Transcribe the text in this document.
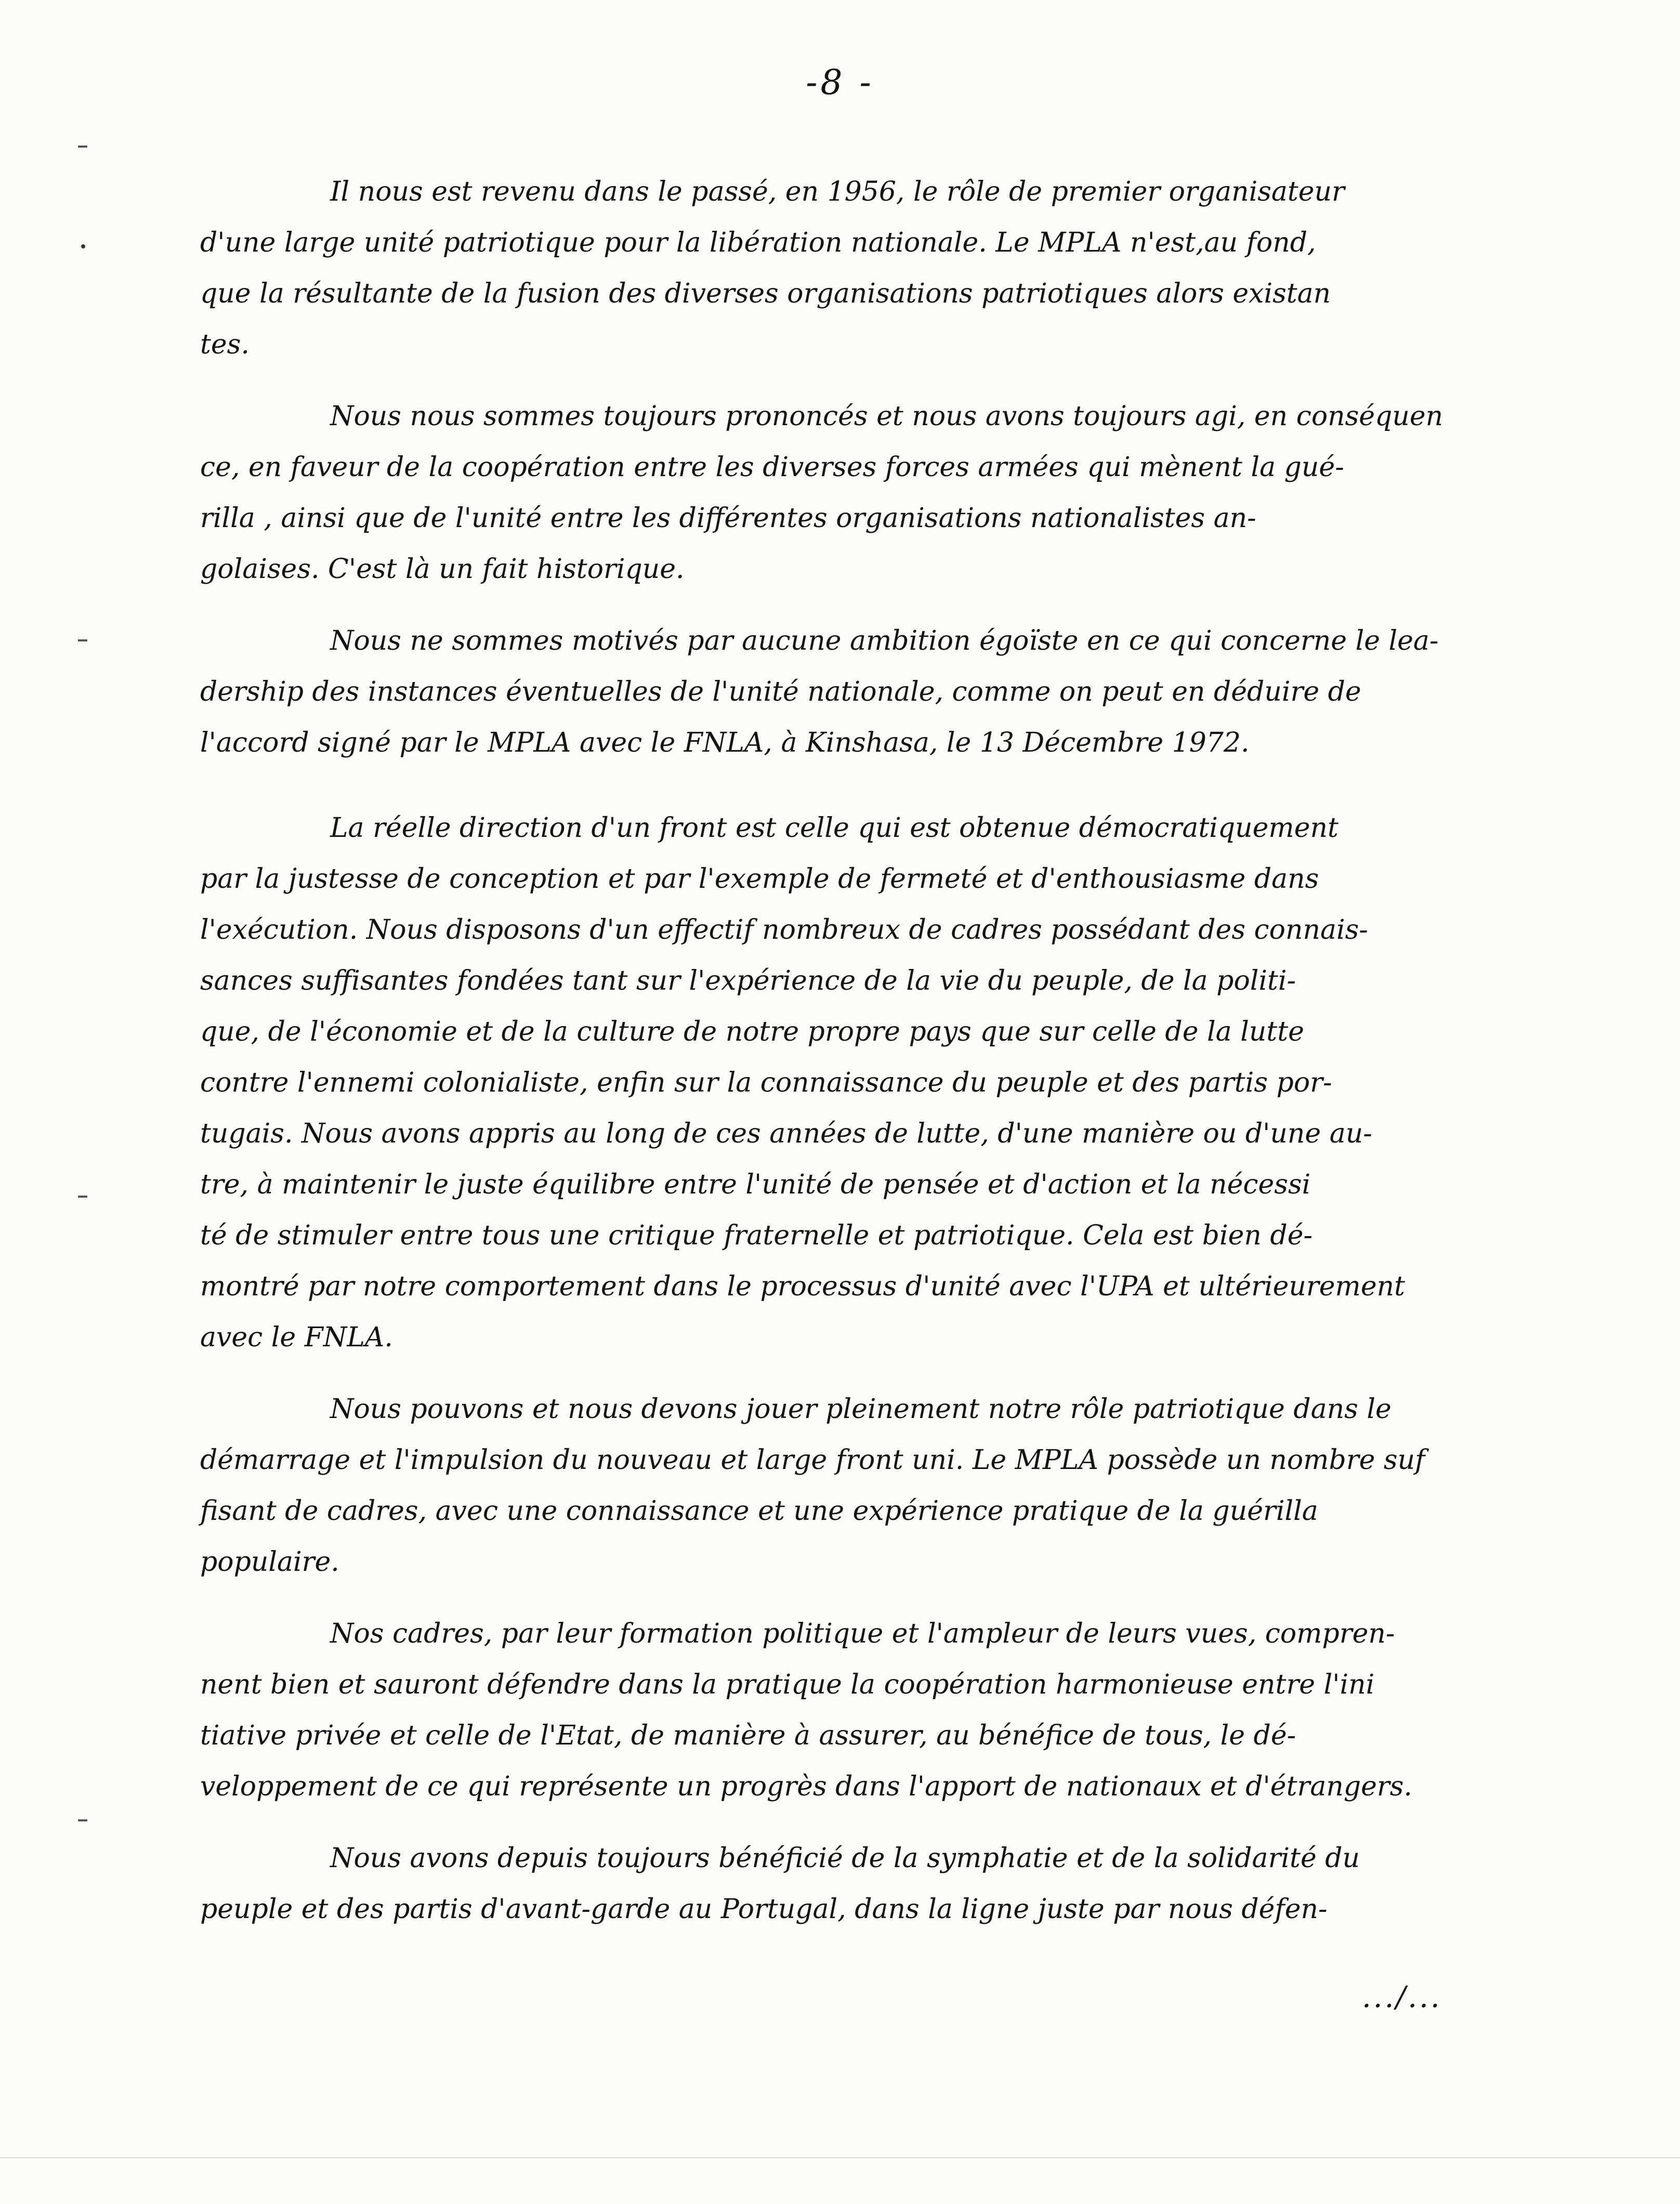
-8 -
Il nous est revenu dans le passé, en 1956, le rôle de premier organisateur
d'une large unité patriotique pour la libération nationale. Le MPLA n'est,au fond,
que la résultante de la fusion des diverses organisations patriotiques alors existan
tes.
Nous nous sommes toujours prononcés et nous avons toujours agi, en conséquen
ce, en faveur de la coopération entre les diverses forces armées qui mènent la gué-
rilla , ainsi que de l'unité entre les différentes organisations nationalistes an-
golaises. C'est là un fait historique.
Nous ne sommes motivés par aucune ambition égoïste en ce qui concerne le lea-
dership des instances éventuelles de l'unité nationale, comme on peut en déduire de
l'accord signé par le MPLA avec le FNLA, à Kinshasa, le 13 Décembre 1972.
La réelle direction d'un front est celle qui est obtenue démocratiquement
par la justesse de conception et par l'exemple de fermeté et d'enthousiasme dans
l'exécution. Nous disposons d'un effectif nombreux de cadres possédant des connais-
sances suffisantes fondées tant sur l'expérience de la vie du peuple, de la politi-
que, de l'économie et de la culture de notre propre pays que sur celle de la lutte
contre l'ennemi colonialiste, enfin sur la connaissance du peuple et des partis por-
tugais. Nous avons appris au long de ces années de lutte, d'une manière ou d'une au-
tre, à maintenir le juste équilibre entre l'unité de pensée et d'action et la nécessi
té de stimuler entre tous une critique fraternelle et patriotique. Cela est bien dé-
montré par notre comportement dans le processus d'unité avec l'UPA et ultérieurement
avec le FNLA.
Nous pouvons et nous devons jouer pleinement notre rôle patriotique dans le
démarrage et l'impulsion du nouveau et large front uni. Le MPLA possède un nombre suf
fisant de cadres, avec une connaissance et une expérience pratique de la guérilla
populaire.
Nos cadres, par leur formation politique et l'ampleur de leurs vues, compren-
nent bien et sauront défendre dans la pratique la coopération harmonieuse entre l'ini
tiative privée et celle de l'Etat, de manière à assurer, au bénéfice de tous, le dé-
veloppement de ce qui représente un progrès dans l'apport de nationaux et d'étrangers.
Nous avons depuis toujours bénéficié de la symphatie et de la solidarité du
peuple et des partis d'avant-garde au Portugal, dans la ligne juste par nous défen-
.../...
